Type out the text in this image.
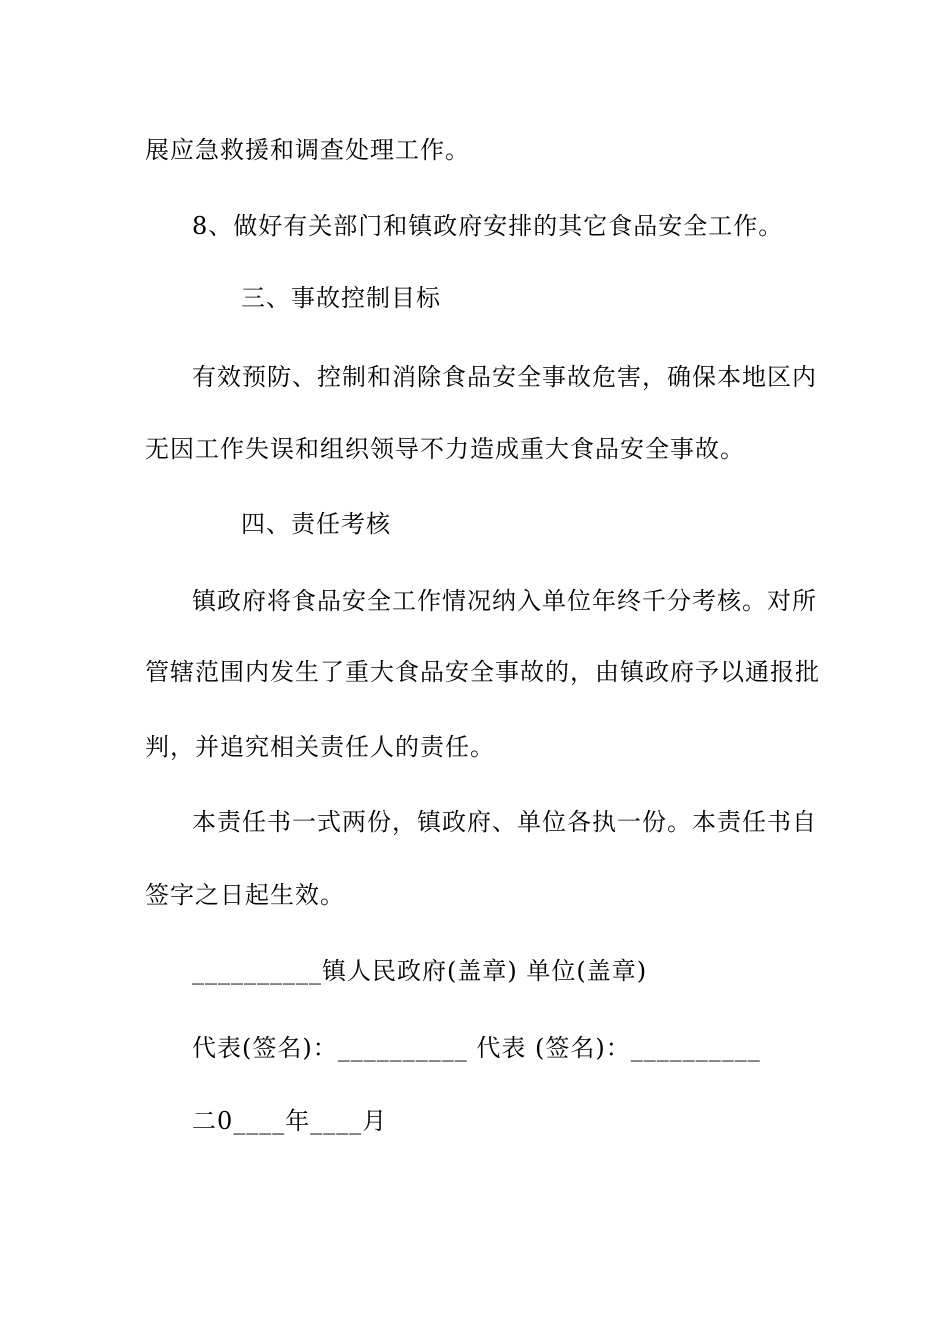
展应急救援和调查处理工作。
8、做好有关部门和镇政府安排的其它食品安全工作。
三、事故控制目标
有效预防、控制和消除食品安全事故危害，确保本地区内
无因工作失误和组织领导不力造成重大食品安全事故。
四、责任考核
镇政府将食品安全工作情况纳入单位年终千分考核。对所
管辖范围内发生了重大食品安全事故的，由镇政府予以通报批
判，并追究相关责任人的责任。
本责任书一式两份，镇政府、单位各执一份。本责任书自
签字之日起生效。
__________镇人民政府(盖章) 单位(盖章)
代表(签名)：__________ 代表 (签名)：__________
二0____年____月
